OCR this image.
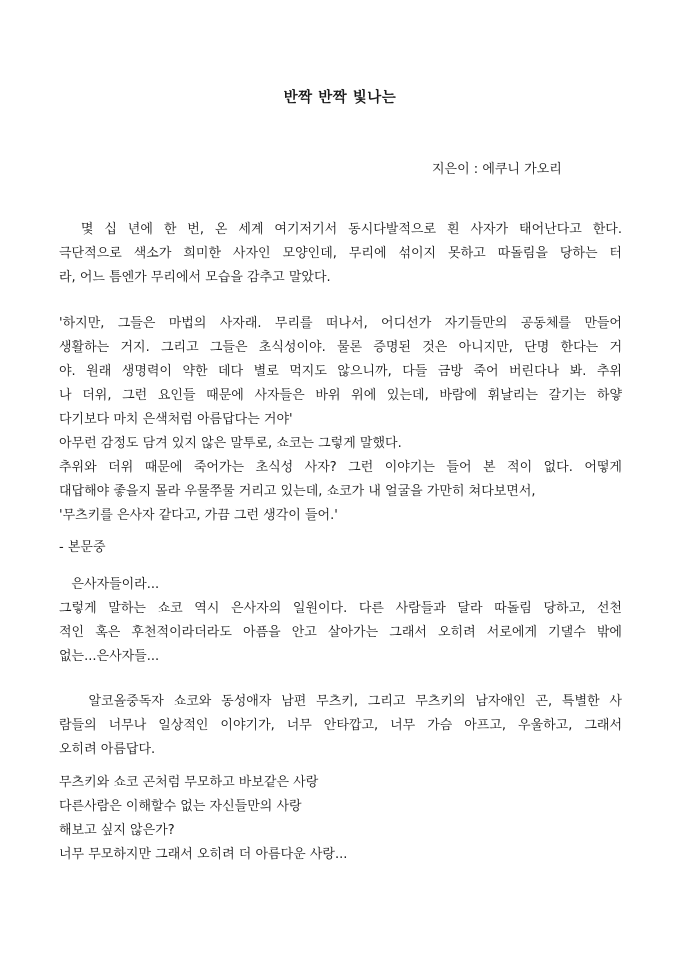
반짝 반짝 빛나는
지은이 : 에쿠니 가오리
몇 십 년에 한 번, 온 세계 여기저기서 동시다발적으로 흰 사자가 태어난다고 한다.
극단적으로 색소가 희미한 사자인 모양인데, 무리에 섞이지 못하고 따돌림을 당하는 터
라, 어느 틈엔가 무리에서 모습을 감추고 말았다.
'하지만, 그들은 마법의 사자래. 무리를 떠나서, 어디선가 자기들만의 공동체를 만들어
생활하는 거지. 그리고 그들은 초식성이야. 물론 증명된 것은 아니지만, 단명 한다는 거
야. 원래 생명력이 약한 데다 별로 먹지도 않으니까, 다들 금방 죽어 버린다나 봐. 추위
나 더위, 그런 요인들 때문에 사자들은 바위 위에 있는데, 바람에 휘날리는 갈기는 하얗
다기보다 마치 은색처럼 아름답다는 거야'
아무런 감정도 담겨 있지 않은 말투로, 쇼코는 그렇게 말했다.
추위와 더위 때문에 죽어가는 초식성 사자? 그런 이야기는 들어 본 적이 없다. 어떻게
대답해야 좋을지 몰라 우물쭈물 거리고 있는데, 쇼코가 내 얼굴을 가만히 쳐다보면서,
'무츠키를 은사자 같다고, 가끔 그런 생각이 들어.'
- 본문중
은사자들이라...
그렇게 말하는 쇼코 역시 은사자의 일원이다. 다른 사람들과 달라 따돌림 당하고, 선천
적인 혹은 후천적이라더라도 아픔을 안고 살아가는 그래서 오히려 서로에게 기댈수 밖에
없는...은사자들...
알코올중독자 쇼코와 동성애자 남편 무츠키, 그리고 무츠키의 남자애인 곤, 특별한 사
람들의 너무나 일상적인 이야기가, 너무 안타깝고, 너무 가슴 아프고, 우울하고, 그래서
오히려 아름답다.
무츠키와 쇼코 곤처럼 무모하고 바보같은 사랑
다른사람은 이해할수 없는 자신들만의 사랑
해보고 싶지 않은가?
너무 무모하지만 그래서 오히려 더 아름다운 사랑...
